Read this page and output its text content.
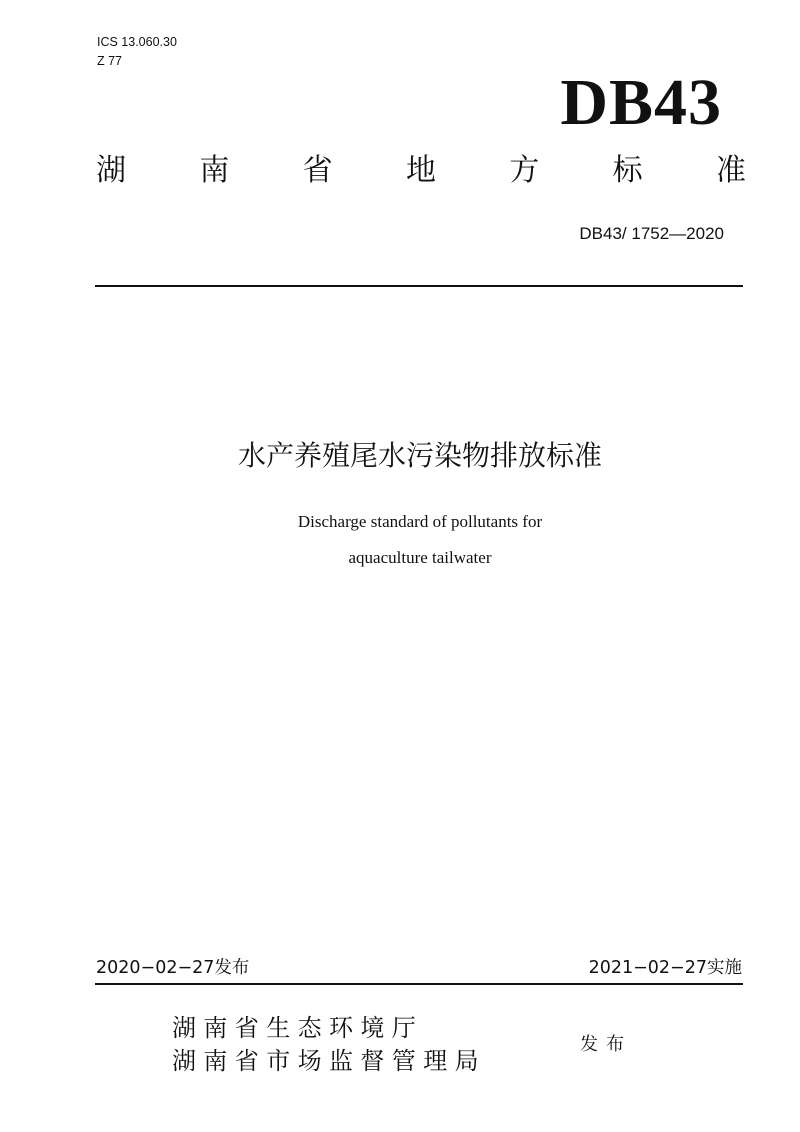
ICS 13.060.30
Z 77
DB43
湖 南 省 地 方 标 准
DB43/ 1752—2020
水产养殖尾水污染物排放标准
Discharge standard of pollutants for
aquaculture tailwater
2020−02−27发布	2021−02−27实施
湖南省生态环境厅
湖南省市场监督管理局
发布
